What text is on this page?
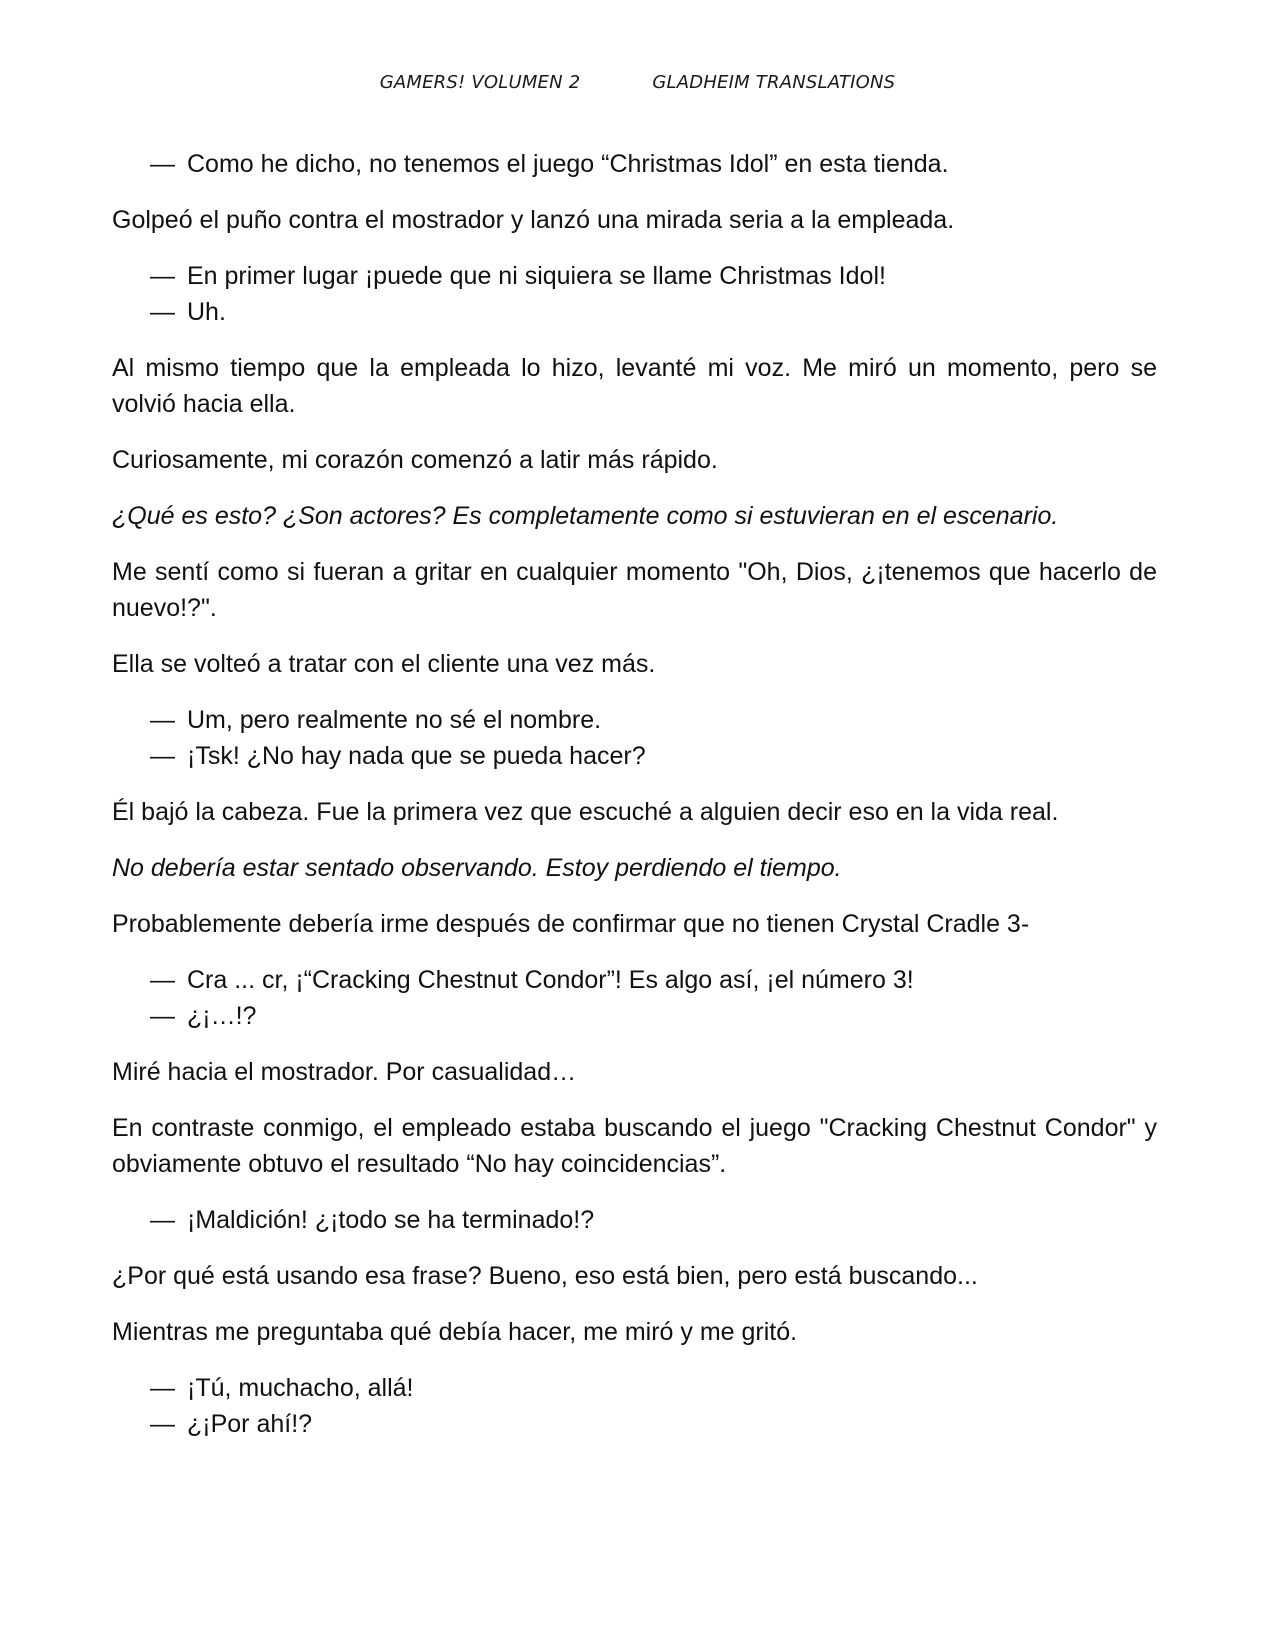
GAMERS! VOLUMEN 2	GLADHEIM TRANSLATIONS
— Como he dicho, no tenemos el juego “Christmas Idol” en esta tienda.

Golpeó el puño contra el mostrador y lanzó una mirada seria a la empleada.

— En primer lugar ¡puede que ni siquiera se llame Christmas Idol!
— Uh.

Al mismo tiempo que la empleada lo hizo, levanté mi voz. Me miró un momento, pero se volvió hacia ella.

Curiosamente, mi corazón comenzó a latir más rápido.

¿Qué es esto? ¿Son actores? Es completamente como si estuvieran en el escenario.

Me sentí como si fueran a gritar en cualquier momento "Oh, Dios, ¿¡tenemos que hacerlo de nuevo!?".

Ella se volteó a tratar con el cliente una vez más.

— Um, pero realmente no sé el nombre.
— ¡Tsk! ¿No hay nada que se pueda hacer?

Él bajó la cabeza. Fue la primera vez que escuché a alguien decir eso en la vida real.

No debería estar sentado observando. Estoy perdiendo el tiempo.

Probablemente debería irme después de confirmar que no tienen Crystal Cradle 3-

— Cra ... cr, ¡“Cracking Chestnut Condor”! Es algo así, ¡el número 3!
— ¿¡…!?

Miré hacia el mostrador. Por casualidad…

En contraste conmigo, el empleado estaba buscando el juego "Cracking Chestnut Condor" y obviamente obtuvo el resultado “No hay coincidencias”.

— ¡Maldición! ¿¡todo se ha terminado!?

¿Por qué está usando esa frase? Bueno, eso está bien, pero está buscando...

Mientras me preguntaba qué debía hacer, me miró y me gritó.

— ¡Tú, muchacho, allá!
— ¿¡Por ahí!?
